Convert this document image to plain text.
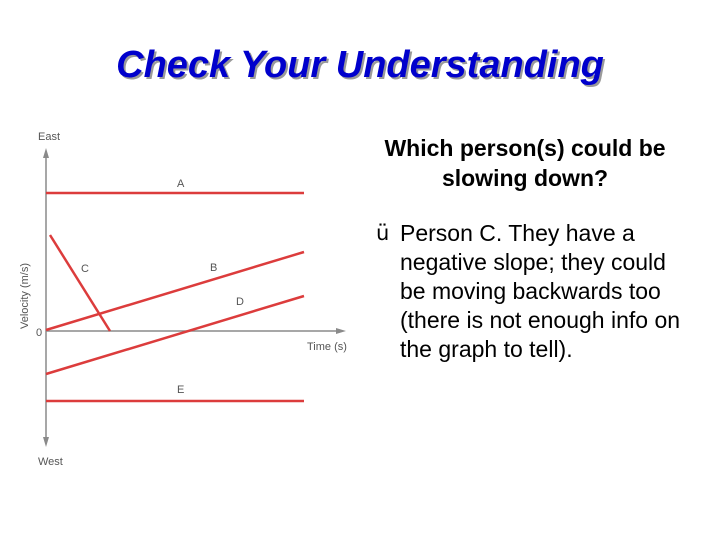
Check Your Understanding
East
West
Velocity (m/s)
0
Time (s)
A
B
C
D
E
Which person(s) could be slowing down?
ü Person C. They have a negative slope; they could be moving backwards too (there is not enough info on the graph to tell).
